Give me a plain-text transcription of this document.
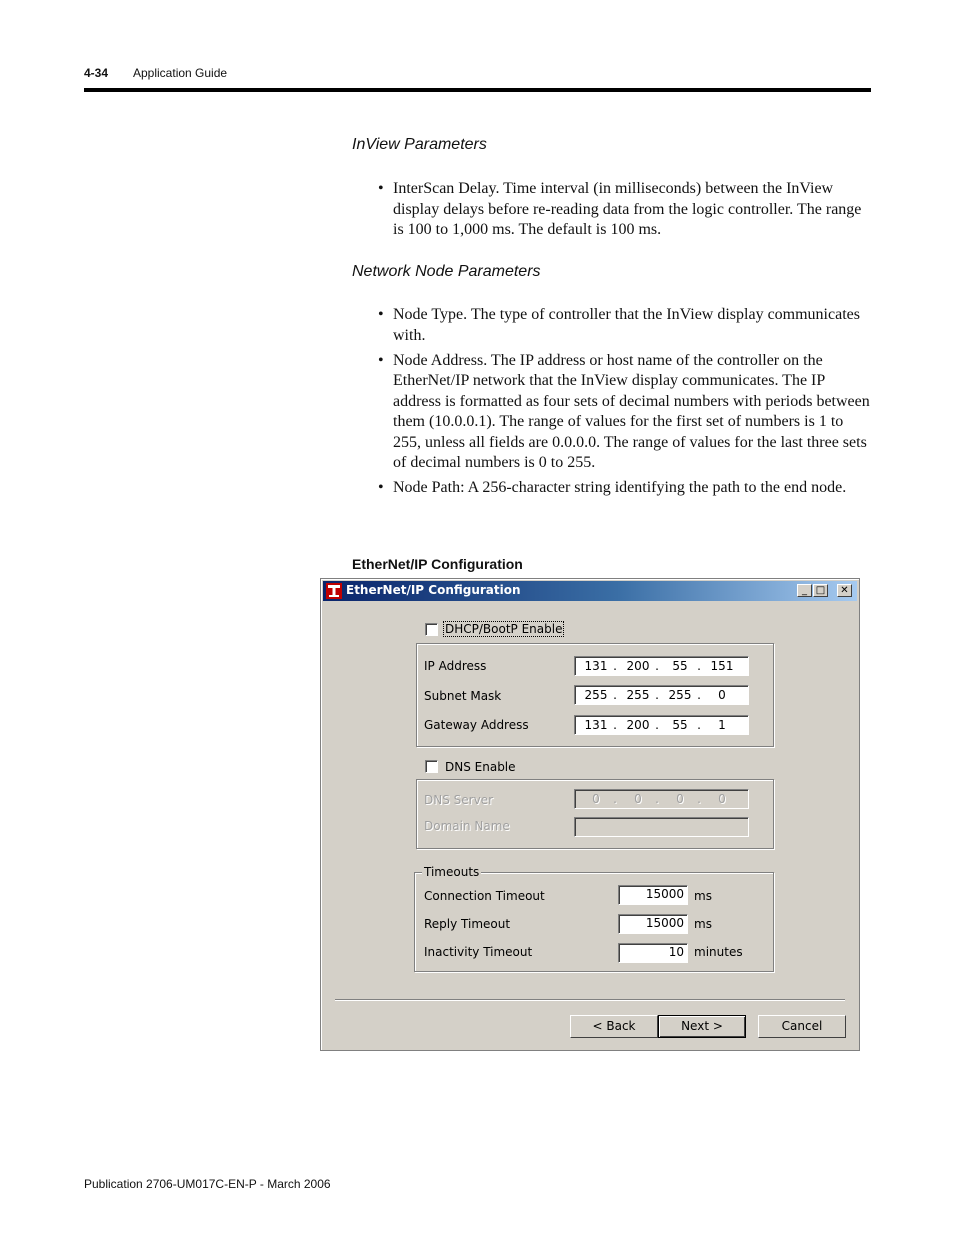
4-34 Application Guide
InView Parameters
• InterScan Delay. Time interval (in milliseconds) between the InView display delays before re-reading data from the logic controller. The range is 100 to 1,000 ms. The default is 100 ms.
Network Node Parameters
• Node Type. The type of controller that the InView display communicates with.
• Node Address. The IP address or host name of the controller on the EtherNet/IP network that the InView display communicates. The IP address is formatted as four sets of decimal numbers with periods between them (10.0.0.1). The range of values for the first set of numbers is 1 to 255, unless all fields are 0.0.0.0. The range of values for the last three sets of decimal numbers is 0 to 255.
• Node Path: A 256-character string identifying the path to the end node.
EtherNet/IP Configuration
EtherNet/IP Configuration	_ □	✕
DHCP/BootP Enable
IP Address	131 . 200 .	55 . 151
Subnet Mask	255 . 255 . 255 .	0
Gateway Address	131 . 200 .	55 .	1
DNS Enable
DNS Server	0	.	0	.	0	.	0
Domain Name
Timeouts
Connection Timeout	15000 ms
Reply Timeout	15000 ms
Inactivity Timeout	10 minutes
< Back	Next >	Cancel
Publication 2706-UM017C-EN-P - March 2006
